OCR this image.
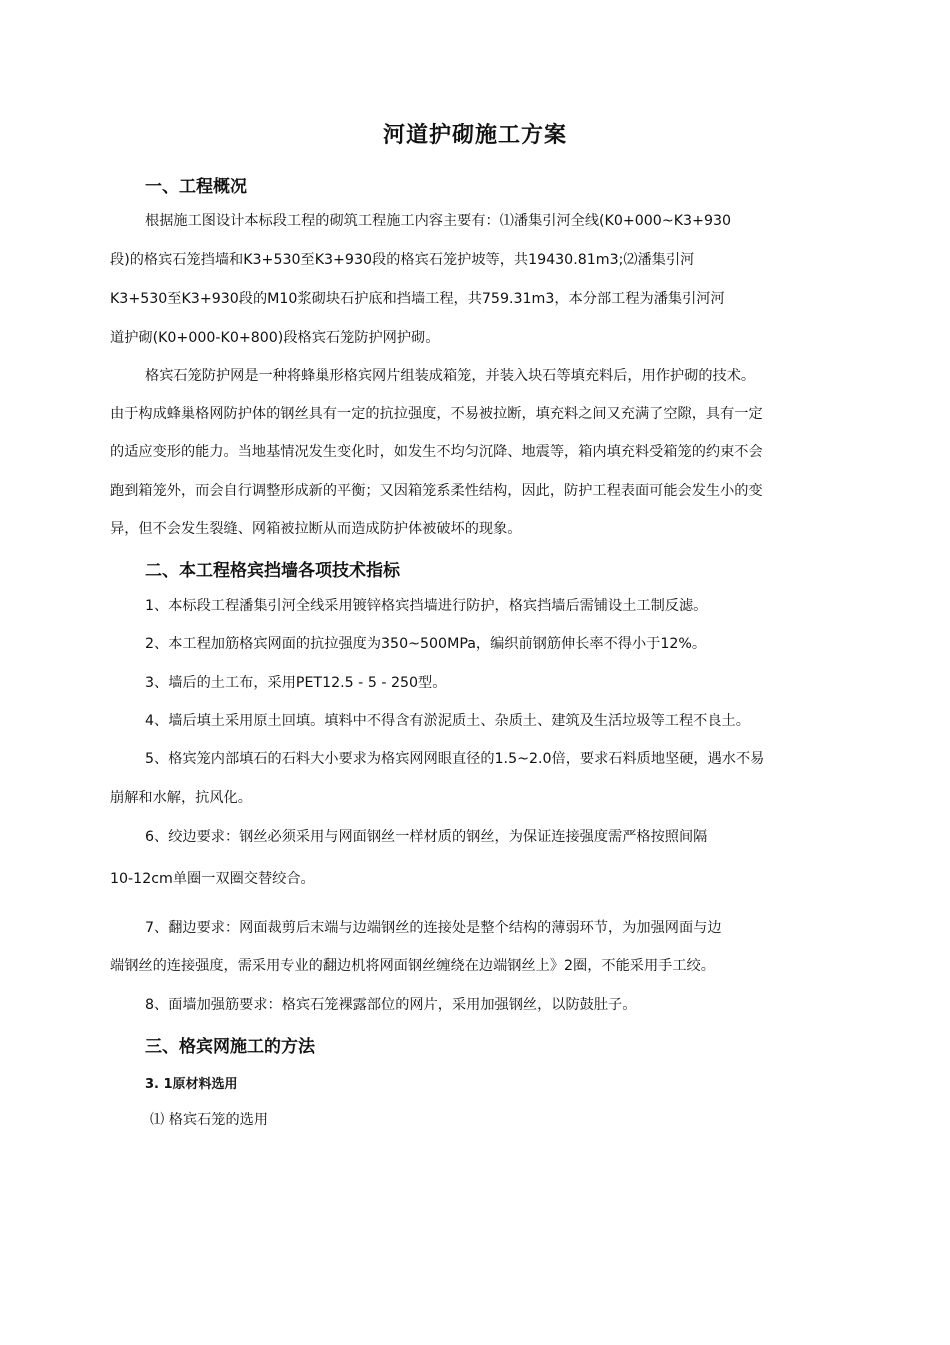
河道护砌施工方案
一、工程概况
根据施工图设计本标段工程的砌筑工程施工内容主要有：⑴潘集引河全线(K0+000~K3+930
段)的格宾石笼挡墙和K3+530至K3+930段的格宾石笼护坡等，共19430.81m3;⑵潘集引河
K3+530至K3+930段的M10浆砌块石护底和挡墙工程，共759.31m3，本分部工程为潘集引河河
道护砌(K0+000-K0+800)段格宾石笼防护网护砌。
格宾石笼防护网是一种将蜂巢形格宾网片组装成箱笼，并装入块石等填充料后，用作护砌的技术。
由于构成蜂巢格网防护体的钢丝具有一定的抗拉强度，不易被拉断，填充料之间又充满了空隙，具有一定
的适应变形的能力。当地基情况发生变化时，如发生不均匀沉降、地震等，箱内填充料受箱笼的约束不会
跑到箱笼外，而会自行调整形成新的平衡；又因箱笼系柔性结构，因此，防护工程表面可能会发生小的变
异，但不会发生裂缝、网箱被拉断从而造成防护体被破坏的现象。
二、本工程格宾挡墙各项技术指标
1、本标段工程潘集引河全线采用镀锌格宾挡墙进行防护，格宾挡墙后需铺设土工制反滤。
2、本工程加筋格宾网面的抗拉强度为350~500MPa，编织前钢筋伸长率不得小于12%。
3、墙后的土工布，采用PET12.5 - 5 - 250型。
4、墙后填土采用原土回填。填料中不得含有淤泥质土、杂质土、建筑及生活垃圾等工程不良土。
5、格宾笼内部填石的石料大小要求为格宾网网眼直径的1.5~2.0倍，要求石料质地坚硬，遇水不易
崩解和水解，抗风化。
6、绞边要求：钢丝必须采用与网面钢丝一样材质的钢丝，为保证连接强度需严格按照间隔
10-12cm单圈一双圈交替绞合。
7、翻边要求：网面裁剪后末端与边端钢丝的连接处是整个结构的薄弱环节，为加强网面与边
端钢丝的连接强度，需采用专业的翻边机将网面钢丝缠绕在边端钢丝上》2圈，不能采用手工绞。
8、面墙加强筋要求：格宾石笼裸露部位的网片，采用加强钢丝，以防鼓肚子。
三、格宾网施工的方法
3. 1原材料选用
⑴ 格宾石笼的选用
